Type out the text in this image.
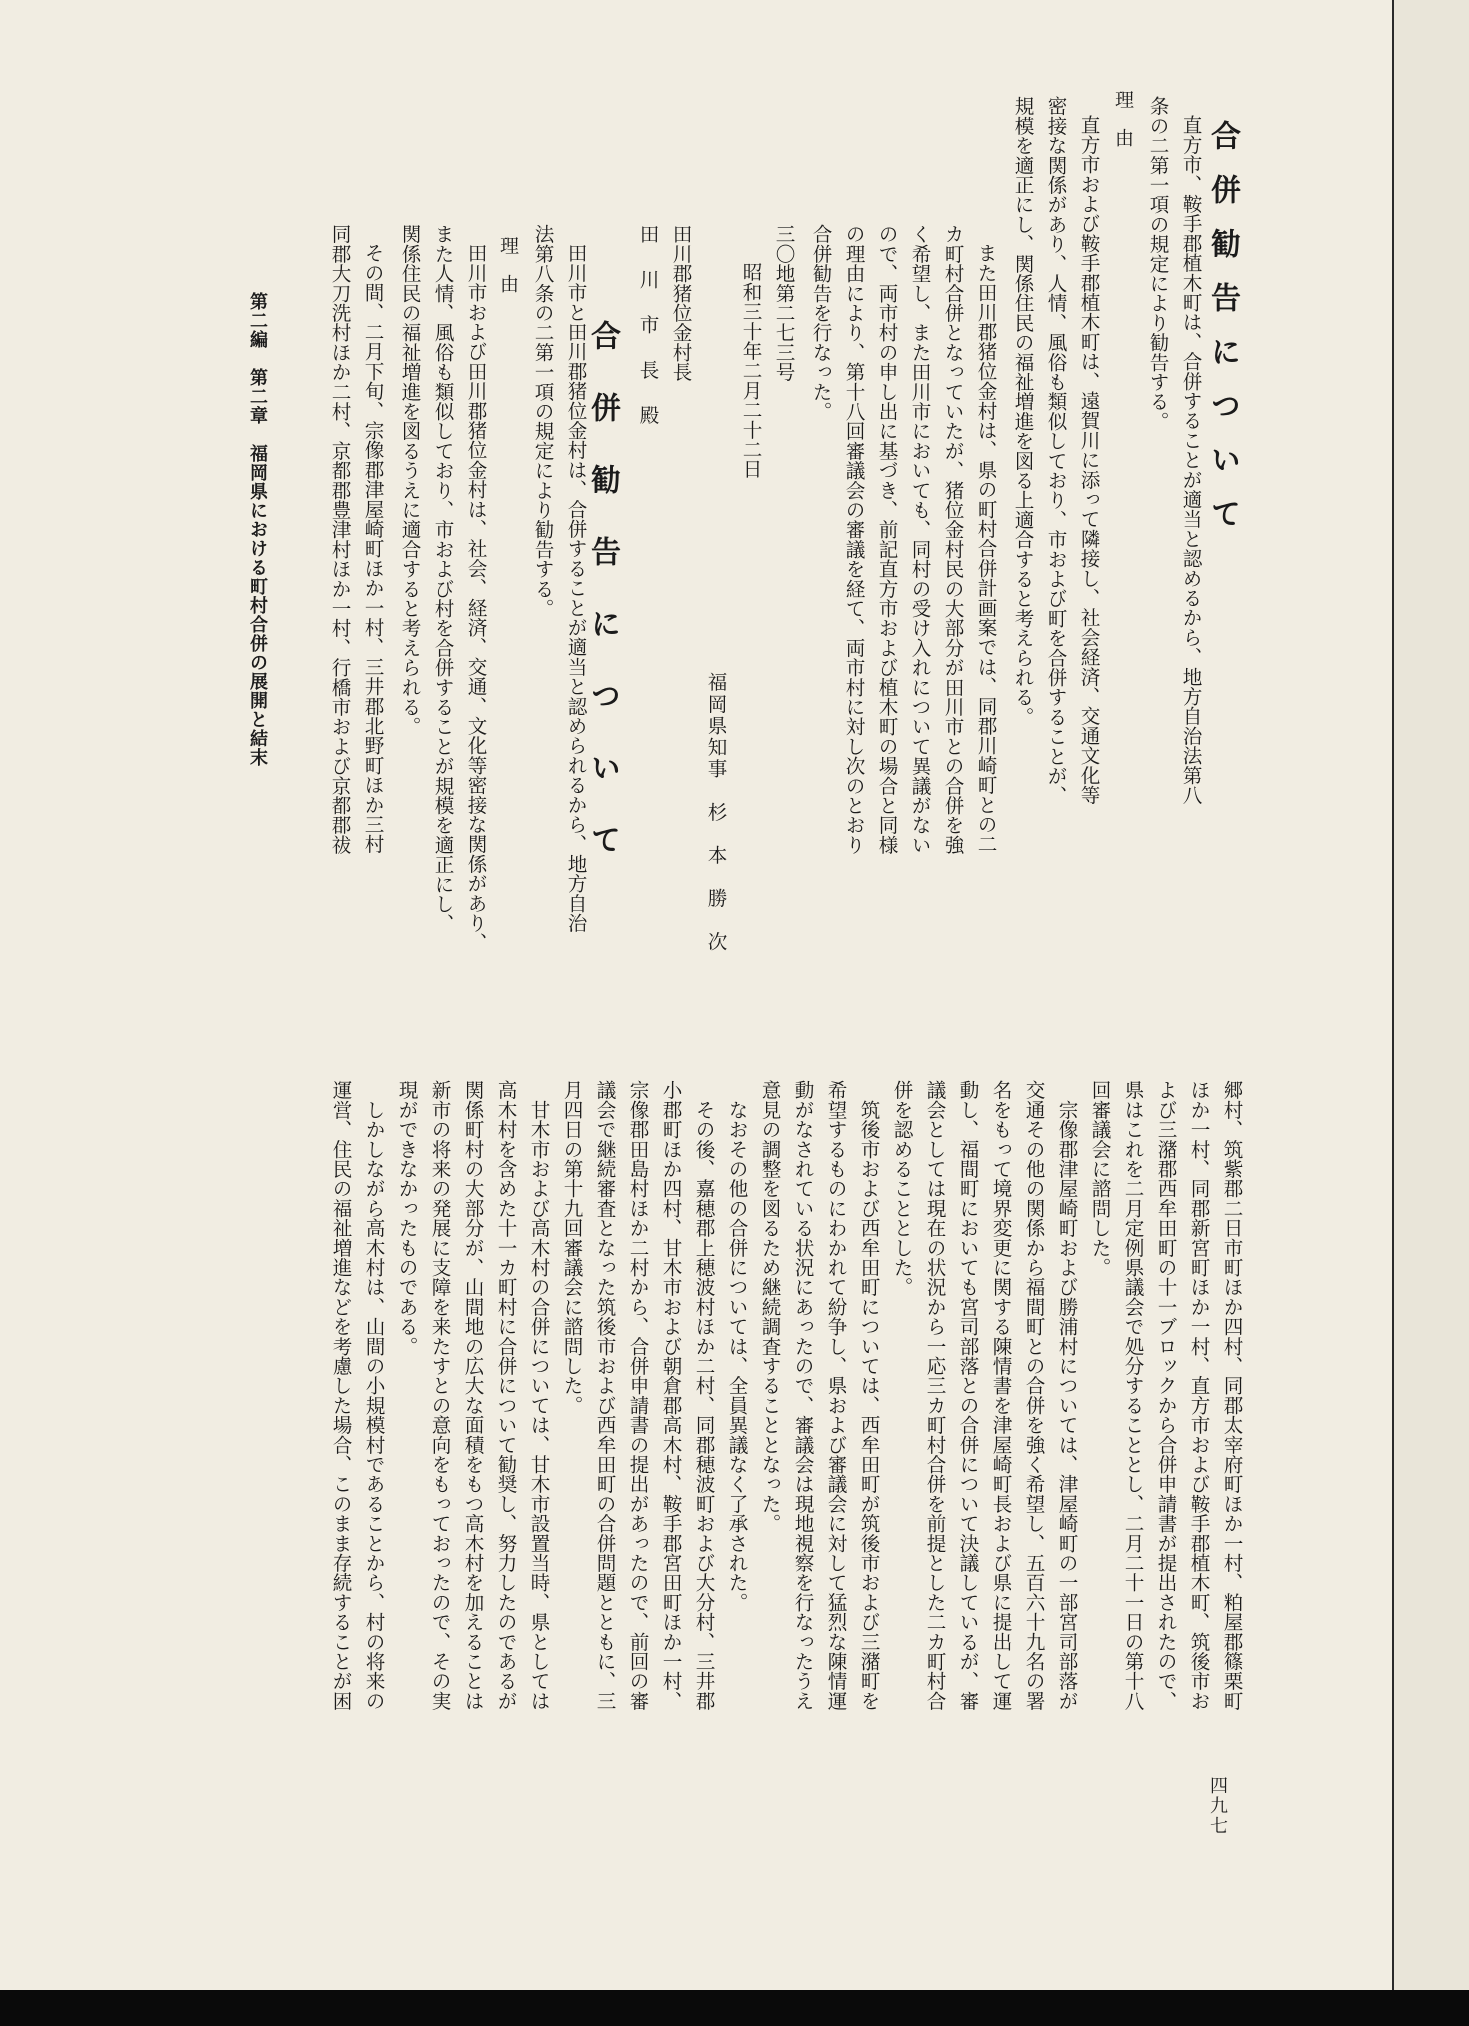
合併勧告について
直方市、鞍手郡植木町は、合併することが適当と認めるから、地方自治法第八
条の二第一項の規定により勧告する。
理　由
直方市および鞍手郡植木町は、遠賀川に添って隣接し、社会経済、交通文化等
密接な関係があり、人情、風俗も類似しており、市および町を合併することが、
規模を適正にし、関係住民の福祉増進を図る上適合すると考えられる。
また田川郡猪位金村は、県の町村合併計画案では、同郡川崎町との二
カ町村合併となっていたが、猪位金村民の大部分が田川市との合併を強
く希望し、また田川市においても、同村の受け入れについて異議がない
ので、両市村の申し出に基づき、前記直方市および植木町の場合と同様
の理由により、第十八回審議会の審議を経て、両市村に対し次のとおり
合併勧告を行なった。
三〇地第二七三号
昭和三十年二月二十二日
福岡県知事　杉　本　勝　次
田川郡猪位金村長
田　川　市　長　殿
合　併　勧　告　に　つ　い　て
田川市と田川郡猪位金村は、合併することが適当と認められるから、地方自治
法第八条の二第一項の規定により勧告する。
理　由
田川市および田川郡猪位金村は、社会、経済、交通、文化等密接な関係があり、
また人情、風俗も類似しており、市および村を合併することが規模を適正にし、
関係住民の福祉増進を図るうえに適合すると考えられる。
その間、二月下旬、宗像郡津屋崎町ほか一村、三井郡北野町ほか三村
同郡大刀洗村ほか二村、京都郡豊津村ほか一村、行橋市および京都郡祓
第二編　第二章　福岡県における町村合併の展開と結末
郷村、筑紫郡二日市町ほか四村、同郡太宰府町ほか一村、粕屋郡篠栗町
ほか一村、同郡新宮町ほか一村、直方市および鞍手郡植木町、筑後市お
よび三潴郡西牟田町の十一ブロックから合併申請書が提出されたので、
県はこれを二月定例県議会で処分することとし、二月二十一日の第十八
回審議会に諮問した。
　宗像郡津屋崎町および勝浦村については、津屋崎町の一部宮司部落が
交通その他の関係から福間町との合併を強く希望し、五百六十九名の署
名をもって境界変更に関する陳情書を津屋崎町長および県に提出して運
動し、福間町においても宮司部落との合併について決議しているが、審
議会としては現在の状況から一応三カ町村合併を前提とした二カ町村合
併を認めることとした。
　筑後市および西牟田町については、西牟田町が筑後市および三潴町を
希望するものにわかれて紛争し、県および審議会に対して猛烈な陳情運
動がなされている状況にあったので、審議会は現地視察を行なったうえ
意見の調整を図るため継続調査することとなった。
　なおその他の合併については、全員異議なく了承された。
　その後、嘉穂郡上穂波村ほか二村、同郡穂波町および大分村、三井郡
小郡町ほか四村、甘木市および朝倉郡高木村、鞍手郡宮田町ほか一村、
宗像郡田島村ほか二村から、合併申請書の提出があったので、前回の審
議会で継続審査となった筑後市および西牟田町の合併問題とともに、三
月四日の第十九回審議会に諮問した。
　甘木市および高木村の合併については、甘木市設置当時、県としては
高木村を含めた十一カ町村に合併について勧奨し、努力したのであるが
関係町村の大部分が、山間地の広大な面積をもつ高木村を加えることは
新市の将来の発展に支障を来たすとの意向をもっておったので、その実
現ができなかったものである。
　しかしながら高木村は、山間の小規模村であることから、村の将来の
運営、住民の福祉増進などを考慮した場合、このまま存続することが困
四九七
